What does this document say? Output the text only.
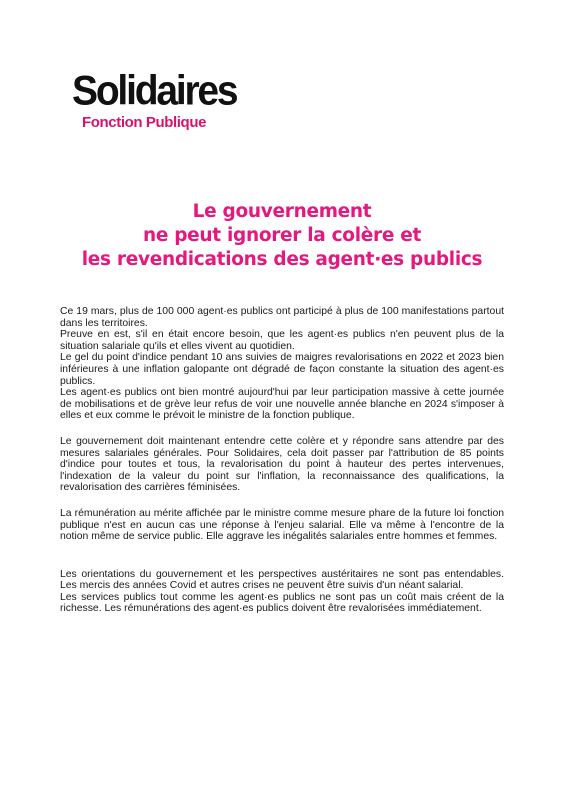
Solidaires
Fonction Publique
Le gouvernement
ne peut ignorer la colère et
les revendications des agent·es publics

Ce 19 mars, plus de 100 000 agent·es publics ont participé à plus de 100 manifestations partout dans les territoires.

Preuve en est, s'il en était encore besoin, que les agent·es publics n'en peuvent plus de la situation salariale qu'ils et elles vivent au quotidien.

Le gel du point d'indice pendant 10 ans suivies de maigres revalorisations en 2022 et 2023 bien inférieures à une inflation galopante ont dégradé de façon constante la situation des agent·es publics.

Les agent·es publics ont bien montré aujourd'hui par leur participation massive à cette journée de mobilisations et de grève leur refus de voir une nouvelle année blanche en 2024 s'imposer à elles et eux comme le prévoit le ministre de la fonction publique.

Le gouvernement doit maintenant entendre cette colère et y répondre sans attendre par des mesures salariales générales. Pour Solidaires, cela doit passer par l'attribution de 85 points d'indice pour toutes et tous, la revalorisation du point à hauteur des pertes intervenues, l'indexation de la valeur du point sur l'inflation, la reconnaissance des qualifications, la revalorisation des carrières féminisées.

La rémunération au mérite affichée par le ministre comme mesure phare de la future loi fonction publique n'est en aucun cas une réponse à l'enjeu salarial. Elle va même à l'encontre de la notion même de service public. Elle aggrave les inégalités salariales entre hommes et femmes.

Les orientations du gouvernement et les perspectives austéritaires ne sont pas entendables. Les mercis des années Covid et autres crises ne peuvent être suivis d'un néant salarial.

Les services publics tout comme les agent·es publics ne sont pas un coût mais créent de la richesse. Les rémunérations des agent·es publics doivent être revalorisées immédiatement.
